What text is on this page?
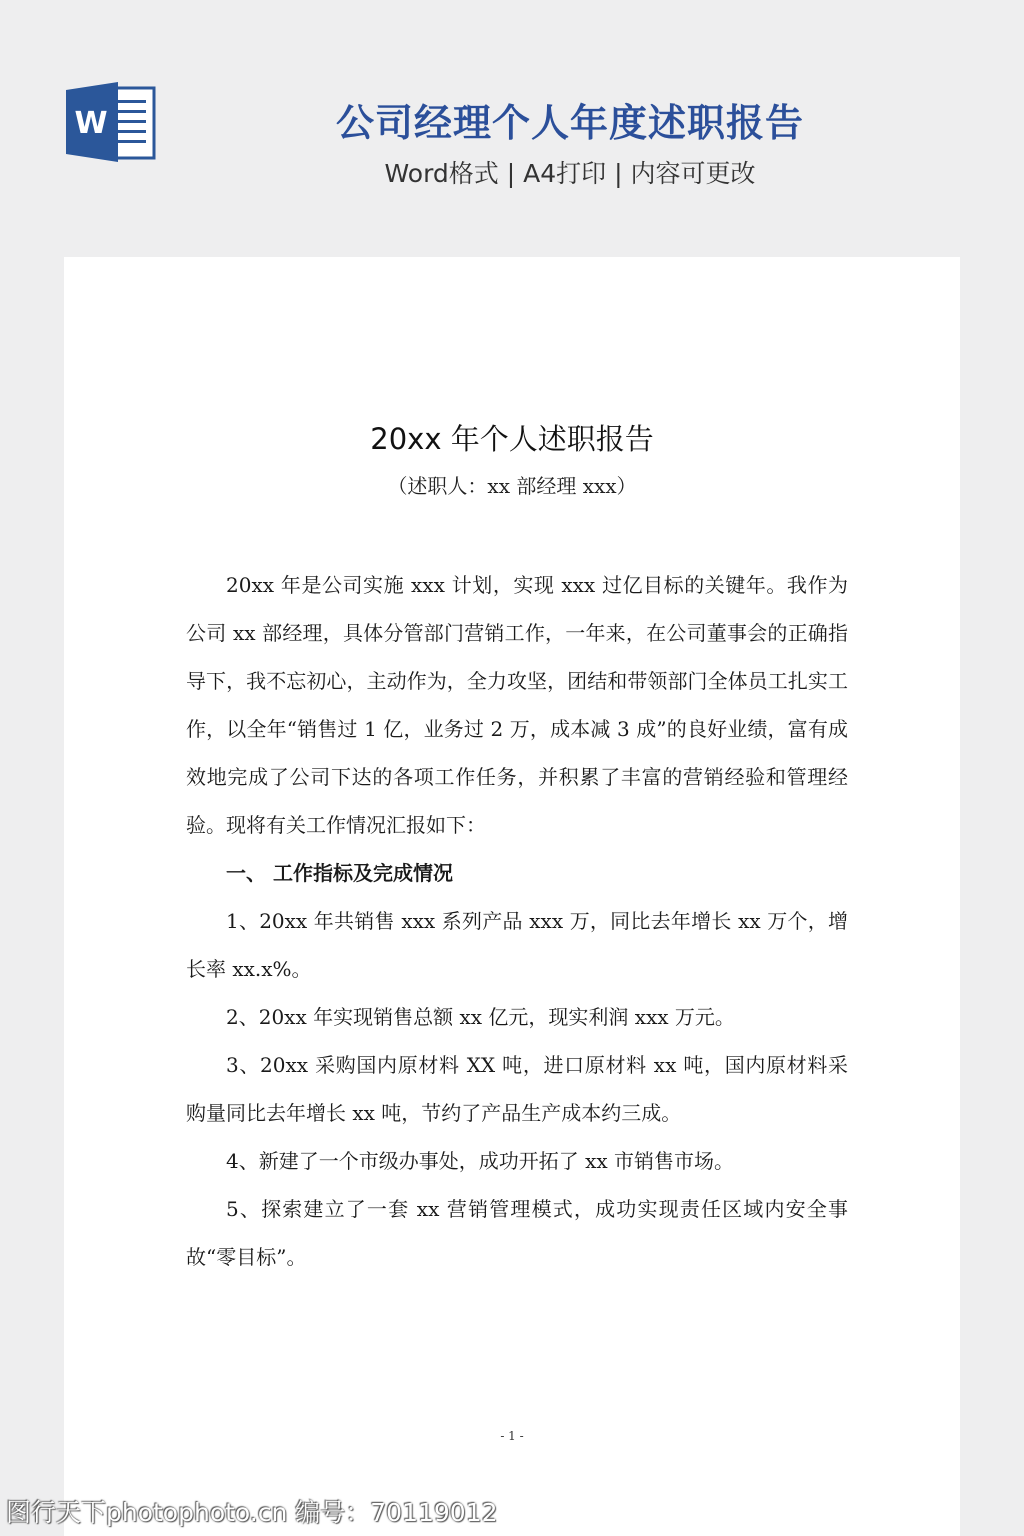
W	公司经理个人年度述职报告
Word格式 | A4打印 | 内容可更改
20xx 年个人述职报告
（述职人：xx 部经理 xxx）

20xx 年是公司实施 xxx 计划，实现 xxx 过亿目标的关键年。我作为公司 xx 部经理，具体分管部门营销工作，一年来，在公司董事会的正确指导下，我不忘初心，主动作为，全力攻坚，团结和带领部门全体员工扎实工作，以全年“销售过 1 亿，业务过 2 万，成本减 3 成”的良好业绩，富有成效地完成了公司下达的各项工作任务，并积累了丰富的营销经验和管理经验。现将有关工作情况汇报如下：

一、 工作指标及完成情况

1、20xx 年共销售 xxx 系列产品 xxx 万，同比去年增长 xx 万个，增长率 xx.x%。

2、20xx 年实现销售总额 xx 亿元，现实利润 xxx 万元。

3、20xx 采购国内原材料 XX 吨，进口原材料 xx 吨，国内原材料采购量同比去年增长 xx 吨，节约了产品生产成本约三成。

4、新建了一个市级办事处，成功开拓了 xx 市销售市场。

5、探索建立了一套 xx 营销管理模式，成功实现责任区域内安全事故“零目标”。

- 1 -
图行天下photophoto.cn 编号：70119012
